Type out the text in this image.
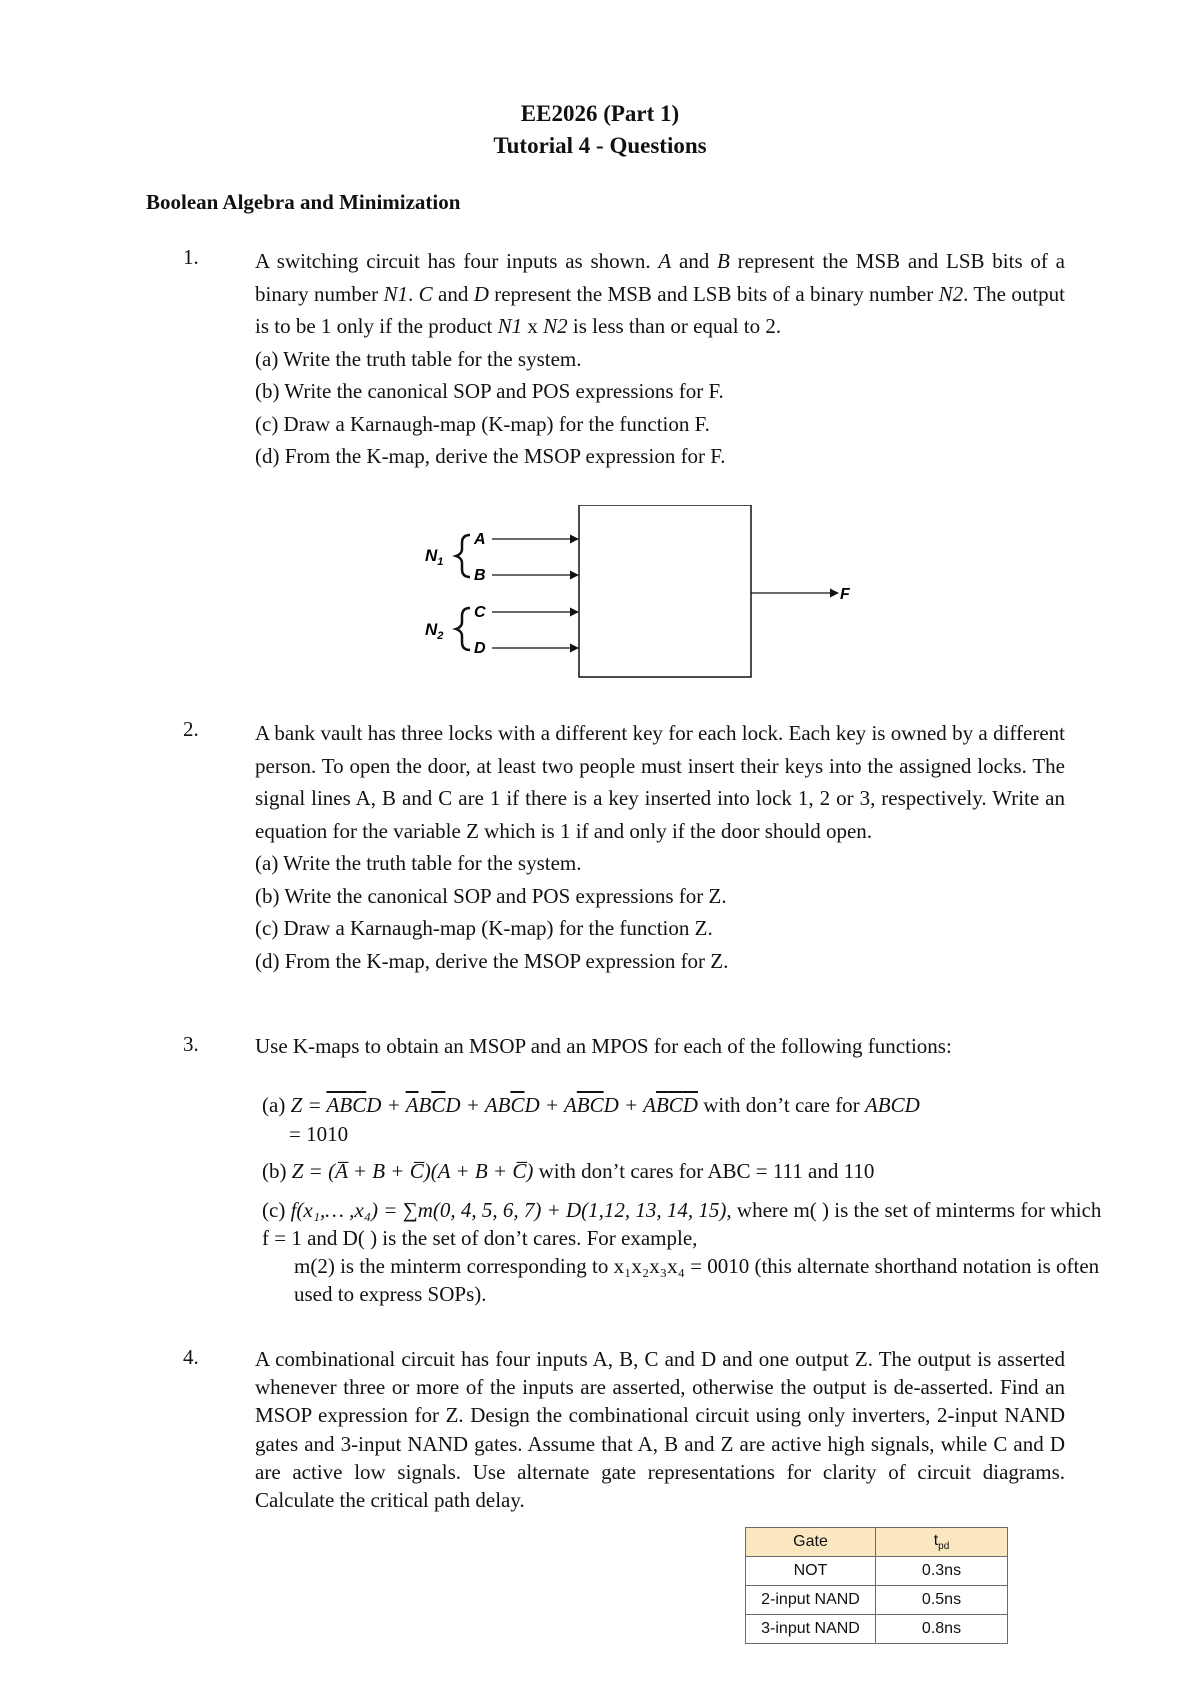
EE2026 (Part 1)
Tutorial 4 - Questions
Boolean Algebra and Minimization
1.	A switching circuit has four inputs as shown. A and B represent the MSB and LSB bits of a binary number N1. C and D represent the MSB and LSB bits of a binary number N2. The output is to be 1 only if the product N1 x N2 is less than or equal to 2.
(a) Write the truth table for the system.
(b) Write the canonical SOP and POS expressions for F.
(c) Draw a Karnaugh-map (K-map) for the function F.
(d) From the K-map, derive the MSOP expression for F.
$N_1$
$N_2$
A
B
C
D
F
2.	A bank vault has three locks with a different key for each lock. Each key is owned by a different person. To open the door, at least two people must insert their keys into the assigned locks. The signal lines A, B and C are 1 if there is a key inserted into lock 1, 2 or 3, respectively. Write an equation for the variable Z which is 1 if and only if the door should open.
(a) Write the truth table for the system.
(b) Write the canonical SOP and POS expressions for Z.
(c) Draw a Karnaugh-map (K-map) for the function Z.
(d) From the K-map, derive the MSOP expression for Z.
3.	Use K-maps to obtain an MSOP and an MPOS for each of the following functions:
(a) $Z = \overline{AB}\overline{C}D + \overline{A}B\overline{C}D + AB\overline{C}D + A\overline{B}\overline{C}D + A\overline{B}\overline{C}\overline{D}$ with don’t care for ABCD
= 1010
(b) Z = (A̅ + B + C̅)(A + B + C̅) with don’t cares for ABC = 111 and 110
(c) f(x₁,… ,x₄) = ∑m(0, 4, 5, 6, 7) + D(1,12, 13, 14, 15), where m( ) is the set of minterms for which f = 1 and D( ) is the set of don’t cares. For example,
m(2) is the minterm corresponding to x₁x₂x₃x₄ = 0010 (this alternate shorthand notation is often used to express SOPs).
4.	A combinational circuit has four inputs A, B, C and D and one output Z. The output is asserted whenever three or more of the inputs are asserted, otherwise the output is de-asserted. Find an MSOP expression for Z. Design the combinational circuit using only inverters, 2-input NAND gates and 3-input NAND gates. Assume that A, B and Z are active high signals, while C and D are active low signals. Use alternate gate representations for clarity of circuit diagrams. Calculate the critical path delay.
Gate	$t_{pd}$
NOT	0.3ns
2-input NAND	0.5ns
3-input NAND	0.8ns
